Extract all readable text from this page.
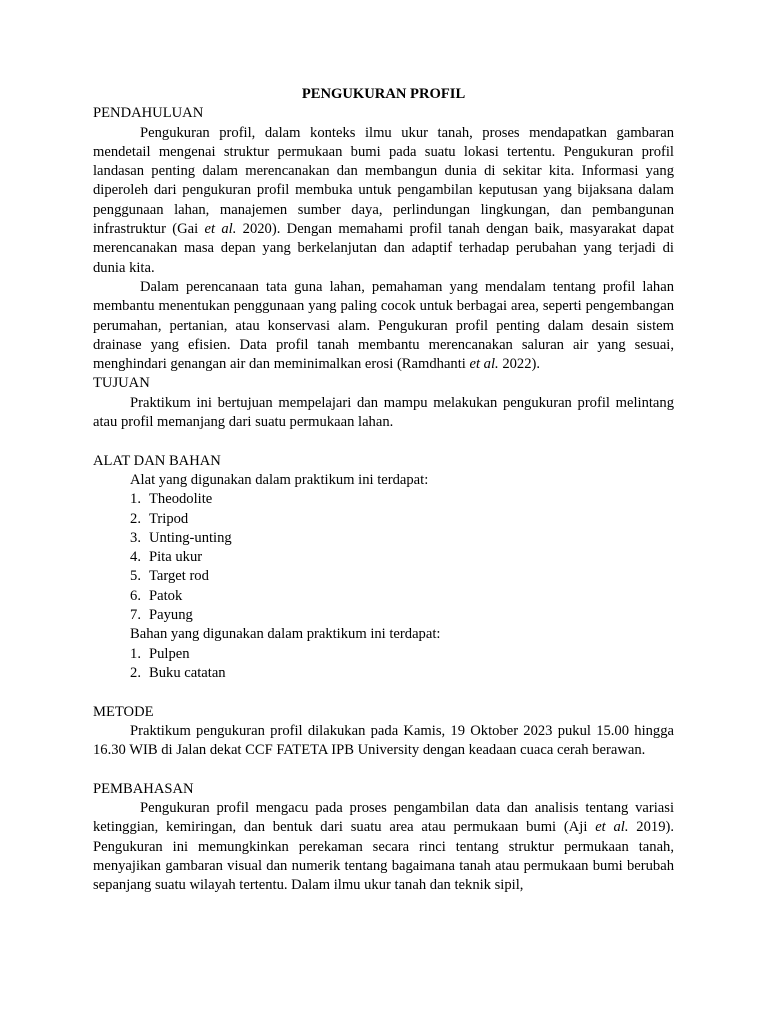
PENGUKURAN PROFIL

PENDAHULUAN

Pengukuran profil, dalam konteks ilmu ukur tanah, proses mendapatkan gambaran mendetail mengenai struktur permukaan bumi pada suatu lokasi tertentu. Pengukuran profil landasan penting dalam merencanakan dan membangun dunia di sekitar kita. Informasi yang diperoleh dari pengukuran profil membuka untuk pengambilan keputusan yang bijaksana dalam penggunaan lahan, manajemen sumber daya, perlindungan lingkungan, dan pembangunan infrastruktur (Gai et al. 2020). Dengan memahami profil tanah dengan baik, masyarakat dapat merencanakan masa depan yang berkelanjutan dan adaptif terhadap perubahan yang terjadi di dunia kita.

Dalam perencanaan tata guna lahan, pemahaman yang mendalam tentang profil lahan membantu menentukan penggunaan yang paling cocok untuk berbagai area, seperti pengembangan perumahan, pertanian, atau konservasi alam. Pengukuran profil penting dalam desain sistem drainase yang efisien. Data profil tanah membantu merencanakan saluran air yang sesuai, menghindari genangan air dan meminimalkan erosi (Ramdhanti et al. 2022).

TUJUAN

Praktikum ini bertujuan mempelajari dan mampu melakukan pengukuran profil melintang atau profil memanjang dari suatu permukaan lahan.

ALAT DAN BAHAN

Alat yang digunakan dalam praktikum ini terdapat:

1. Theodolite
2. Tripod
3. Unting-unting
4. Pita ukur
5. Target rod
6. Patok
7. Payung

Bahan yang digunakan dalam praktikum ini terdapat:

1. Pulpen
2. Buku catatan

METODE

Praktikum pengukuran profil dilakukan pada Kamis, 19 Oktober 2023 pukul 15.00 hingga 16.30 WIB di Jalan dekat CCF FATETA IPB University dengan keadaan cuaca cerah berawan.

PEMBAHASAN

Pengukuran profil mengacu pada proses pengambilan data dan analisis tentang variasi ketinggian, kemiringan, dan bentuk dari suatu area atau permukaan bumi (Aji et al. 2019). Pengukuran ini memungkinkan perekaman secara rinci tentang struktur permukaan tanah, menyajikan gambaran visual dan numerik tentang bagaimana tanah atau permukaan bumi berubah sepanjang suatu wilayah tertentu. Dalam ilmu ukur tanah dan teknik sipil,
